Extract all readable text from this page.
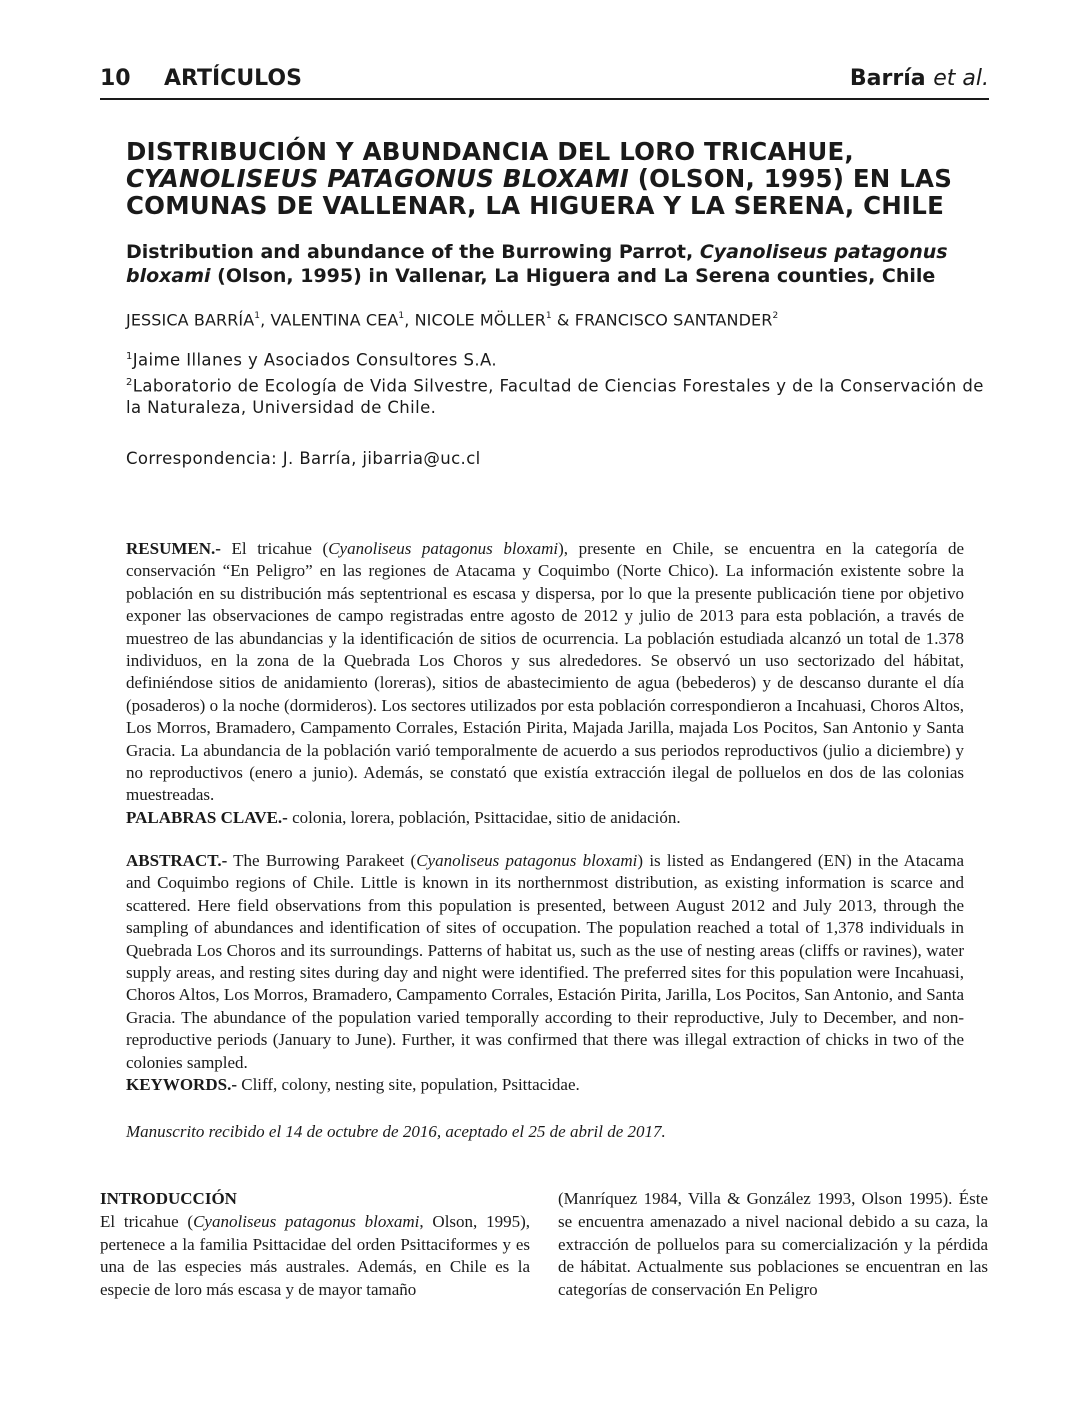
10 ARTÍCULOS	Barría et al.
DISTRIBUCIÓN Y ABUNDANCIA DEL LORO TRICAHUE,
CYANOLISEUS PATAGONUS BLOXAMI (OLSON, 1995) EN LAS
COMUNAS DE VALLENAR, LA HIGUERA Y LA SERENA, CHILE
Distribution and abundance of the Burrowing Parrot, Cyanoliseus patagonus bloxami (Olson, 1995) in Vallenar, La Higuera and La Serena counties, Chile
JESSICA BARRÍA$^1$, VALENTINA CEA$^1$, NICOLE MÖLLER$^1$ & FRANCISCO SANTANDER$^2$
$^1$Jaime Illanes y Asociados Consultores S.A.
$^2$Laboratorio de Ecología de Vida Silvestre, Facultad de Ciencias Forestales y de la Conservación de la Naturaleza, Universidad de Chile.
Correspondencia: J. Barría, jibarria@uc.cl

RESUMEN.- El tricahue (Cyanoliseus patagonus bloxami), presente en Chile, se encuentra en la categoría de conservación “En Peligro” en las regiones de Atacama y Coquimbo (Norte Chico). La información existente sobre la población en su distribución más septentrional es escasa y dispersa, por lo que la presente publicación tiene por objetivo exponer las observaciones de campo registradas entre agosto de 2012 y julio de 2013 para esta población, a través de muestreo de las abundancias y la identificación de sitios de ocurrencia. La población estudiada alcanzó un total de 1.378 individuos, en la zona de la Quebrada Los Choros y sus alrededores. Se observó un uso sectorizado del hábitat, definiéndose sitios de anidamiento (loreras), sitios de abastecimiento de agua (bebederos) y de descanso durante el día (posaderos) o la noche (dormideros). Los sectores utilizados por esta población correspondieron a Incahuasi, Choros Altos, Los Morros, Bramadero, Campamento Corrales, Estación Pirita, Majada Jarilla, majada Los Pocitos, San Antonio y Santa Gracia. La abundancia de la población varió temporalmente de acuerdo a sus periodos reproductivos (julio a diciembre) y no reproductivos (enero a junio). Además, se constató que existía extracción ilegal de polluelos en dos de las colonias muestreadas.

PALABRAS CLAVE.- colonia, lorera, población, Psittacidae, sitio de anidación.

ABSTRACT.- The Burrowing Parakeet (Cyanoliseus patagonus bloxami) is listed as Endangered (EN) in the Atacama and Coquimbo regions of Chile. Little is known in its northernmost distribution, as existing information is scarce and scattered. Here field observations from this population is presented, between August 2012 and July 2013, through the sampling of abundances and identification of sites of occupation. The population reached a total of 1,378 individuals in Quebrada Los Choros and its surroundings. Patterns of habitat us, such as the use of nesting areas (cliffs or ravines), water supply areas, and resting sites during day and night were identified. The preferred sites for this population were Incahuasi, Choros Altos, Los Morros, Bramadero, Campamento Corrales, Estación Pirita, Jarilla, Los Pocitos, San Antonio, and Santa Gracia. The abundance of the population varied temporally according to their reproductive, July to December, and non-reproductive periods (January to June). Further, it was confirmed that there was illegal extraction of chicks in two of the colonies sampled.

KEYWORDS.- Cliff, colony, nesting site, population, Psittacidae.

Manuscrito recibido el 14 de octubre de 2016, aceptado el 25 de abril de 2017.
INTRODUCCIÓN

El tricahue (Cyanoliseus patagonus bloxami, Olson, 1995), pertenece a la familia Psittacidae del orden Psittaciformes y es una de las especies más australes. Además, en Chile es la especie de loro más escasa y de mayor tamaño

(Manríquez 1984, Villa & González 1993, Olson 1995). Éste se encuentra amenazado a nivel nacional debido a su caza, la extracción de polluelos para su comercialización y la pérdida de hábitat. Actualmente sus poblaciones se encuentran en las categorías de conservación En Peligro
